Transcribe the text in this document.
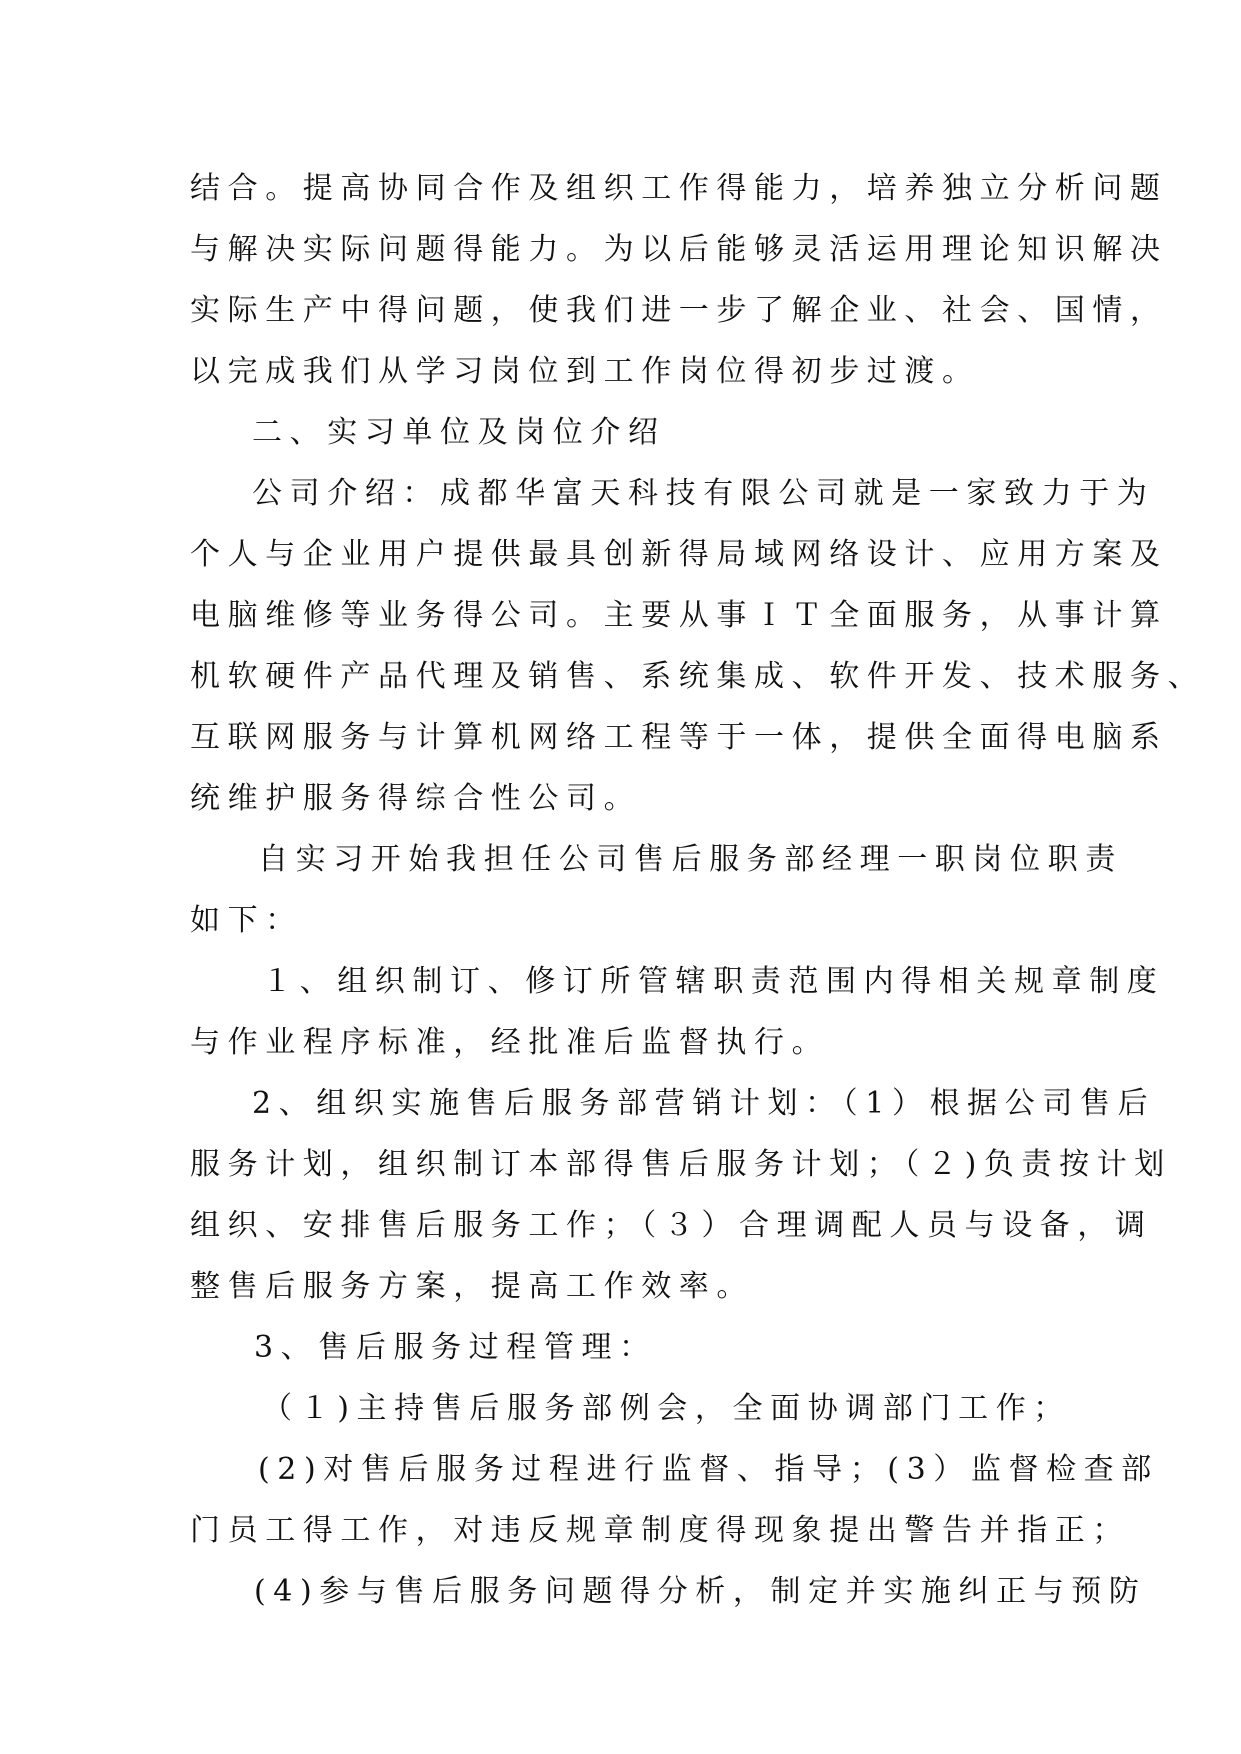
结合。提高协同合作及组织工作得能力，培养独立分析问题
与解决实际问题得能力。为以后能够灵活运用理论知识解决
实际生产中得问题，使我们进一步了解企业、社会、国情，
以完成我们从学习岗位到工作岗位得初步过渡。
二、实习单位及岗位介绍
公司介绍：成都华富天科技有限公司就是一家致力于为
个人与企业用户提供最具创新得局域网络设计、应用方案及
电脑维修等业务得公司。主要从事ＩＴ全面服务，从事计算
机软硬件产品代理及销售、系统集成、软件开发、技术服务、
互联网服务与计算机网络工程等于一体，提供全面得电脑系
统维护服务得综合性公司。
自实习开始我担任公司售后服务部经理一职岗位职责
如下：
１、组织制订、修订所管辖职责范围内得相关规章制度
与作业程序标准，经批准后监督执行。
2、组织实施售后服务部营销计划：（1）根据公司售后
服务计划，组织制订本部得售后服务计划；（２)负责按计划
组织、安排售后服务工作；（３）合理调配人员与设备，调
整售后服务方案，提高工作效率。
3、售后服务过程管理：
（１)主持售后服务部例会，全面协调部门工作；
(2)对售后服务过程进行监督、指导；(3）监督检查部
门员工得工作，对违反规章制度得现象提出警告并指正；
(4)参与售后服务问题得分析，制定并实施纠正与预防
